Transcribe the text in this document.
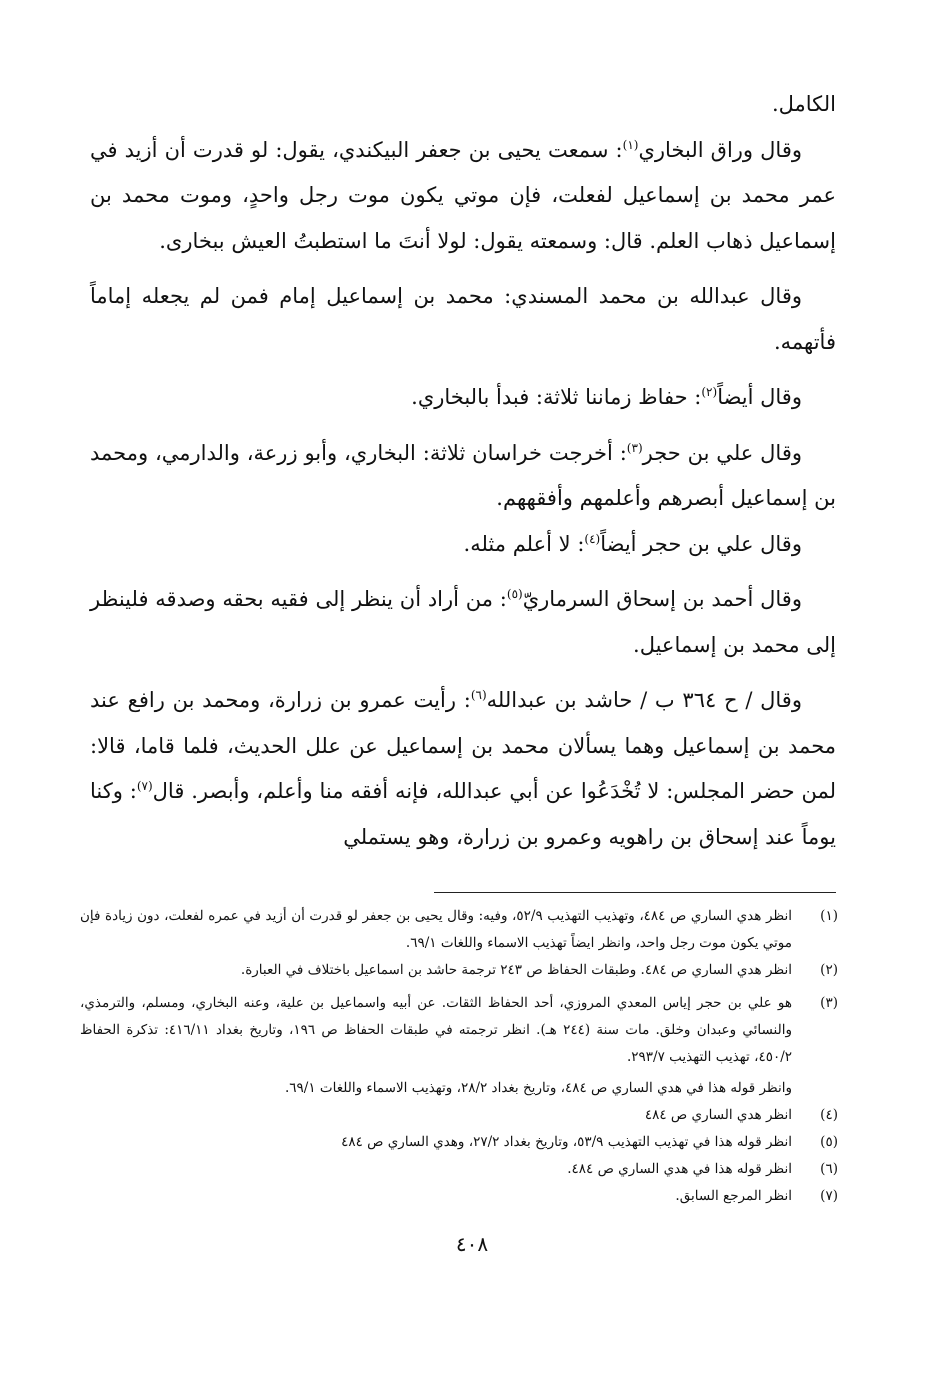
الكامل.

وقال وراق البخاري$^{(١)}$: سمعت يحيى بن جعفر البيكندي، يقول: لو قدرت أن أزيد في عمر محمد بن إسماعيل لفعلت، فإن موتي يكون موت رجل واحدٍ، وموت محمد بن إسماعيل ذهاب العلم. قال: وسمعته يقول: لولا أنتَ ما استطبتُ العيش ببخارى.

وقال عبدالله بن محمد المسندي: محمد بن إسماعيل إمام فمن لم يجعله إماماً فأتهمه.

وقال أيضاً$^{(٢)}$: حفاظ زماننا ثلاثة: فبدأ بالبخاري.

وقال علي بن حجر$^{(٣)}$: أخرجت خراسان ثلاثة: البخاري، وأبو زرعة، والدارمي، ومحمد بن إسماعيل أبصرهم وأعلمهم وأفقههم.

وقال علي بن حجر أيضاً$^{(٤)}$: لا أعلم مثله.

وقال أحمد بن إسحاق السرماريّ$^{(٥)}$: من أراد أن ينظر إلى فقيه بحقه وصدقه فلينظر إلى محمد بن إسماعيل.

وقال / ح ٣٦٤ ب / حاشد بن عبدالله$^{(٦)}$: رأيت عمرو بن زرارة، ومحمد بن رافع عند محمد بن إسماعيل وهما يسألان محمد بن إسماعيل عن علل الحديث، فلما قاما، قالا: لمن حضر المجلس: لا تُخْدَعُوا عن أبي عبدالله، فإنه أفقه منا وأعلم، وأبصر. قال$^{(٧)}$: وكنا يوماً عند إسحاق بن راهويه وعمرو بن زرارة، وهو يستملي

(١)
انظر هدي الساري ص ٤٨٤، وتهذيب التهذيب ٥٢/٩، وفيه: وقال يحيى بن جعفر لو قدرت أن أزيد في عمره لفعلت، دون زيادة فإن موتي يكون موت رجل واحد، وانظر ايضاً تهذيب الاسماء واللغات ٦٩/١.
(٢)
انظر هدي الساري ص ٤٨٤. وطبقات الحفاظ ص ٢٤٣ ترجمة حاشد بن اسماعيل باختلاف في العبارة.
(٣)
هو علي بن حجر إياس المعدي المروزي، أحد الحفاظ الثقات. عن أبيه واسماعيل بن علية، وعنه البخاري، ومسلم، والترمذي، والنسائي وعبدان وخلق. مات سنة (٢٤٤ هـ). انظر ترجمته في طبقات الحفاظ ص ١٩٦، وتاريخ بغداد ٤١٦/١١: تذكرة الحفاظ ٤٥٠/٢، تهذيب التهذيب ٢٩٣/٧.
وانظر قوله هذا في هدي الساري ص ٤٨٤، وتاريخ بغداد ٢٨/٢، وتهذيب الاسماء واللغات ٦٩/١.
(٤)
انظر هدي الساري ص ٤٨٤
(٥)
انظر قوله هذا في تهذيب التهذيب ٥٣/٩، وتاريخ بغداد ٢٧/٢، وهدي الساري ص ٤٨٤
(٦)
انظر قوله هذا في هدي الساري ص ٤٨٤.
(٧)
انظر المرجع السابق.
٤٠٨
